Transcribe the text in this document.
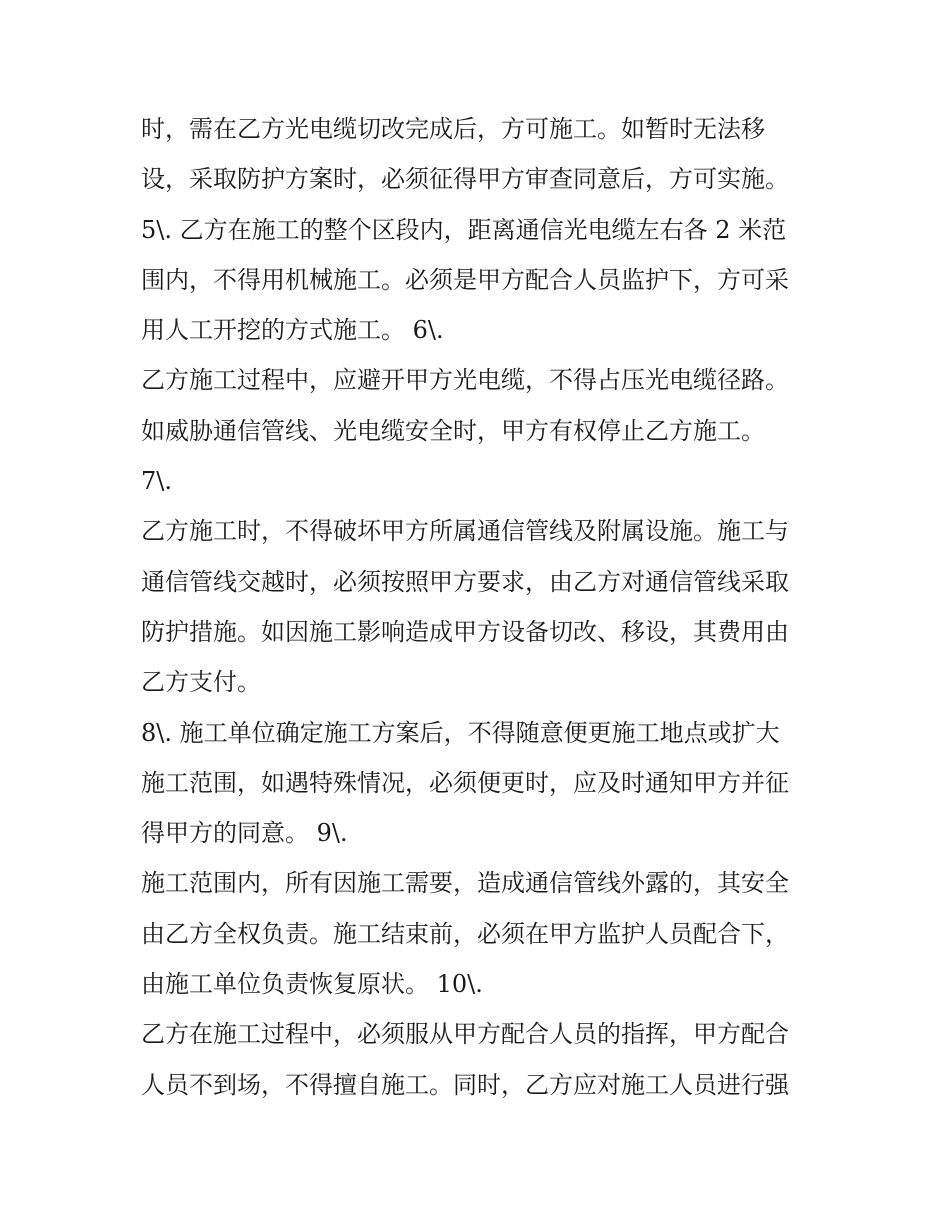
时，需在乙方光电缆切改完成后，方可施工。如暂时无法移
设，采取防护方案时，必须征得甲方审查同意后，方可实施。
5\. 乙方在施工的整个区段内，距离通信光电缆左右各 2 米范
围内，不得用机械施工。必须是甲方配合人员监护下，方可采
用人工开挖的方式施工。 6\.
乙方施工过程中，应避开甲方光电缆，不得占压光电缆径路。
如威胁通信管线、光电缆安全时，甲方有权停止乙方施工。
7\.
乙方施工时，不得破坏甲方所属通信管线及附属设施。施工与
通信管线交越时，必须按照甲方要求，由乙方对通信管线采取
防护措施。如因施工影响造成甲方设备切改、移设，其费用由
乙方支付。
8\. 施工单位确定施工方案后，不得随意便更施工地点或扩大
施工范围，如遇特殊情况，必须便更时，应及时通知甲方并征
得甲方的同意。 9\.
施工范围内，所有因施工需要，造成通信管线外露的，其安全
由乙方全权负责。施工结束前，必须在甲方监护人员配合下，
由施工单位负责恢复原状。 10\.
乙方在施工过程中，必须服从甲方配合人员的指挥，甲方配合
人员不到场，不得擅自施工。同时，乙方应对施工人员进行强
